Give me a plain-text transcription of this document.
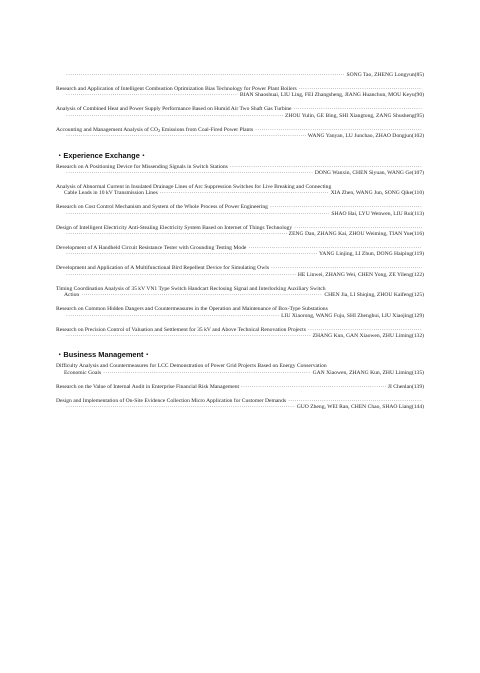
·····
SONG Tao, ZHENG Longyun(85)
Research and Application of Intelligent Combustion Optimization Bias Technology for Power Plant Boilers
·····
·····
BIAN Shaoshuai, LIU Ling, FEI Zhangsheng, JIANG Huanchun, MOU Keyu(90)
Analysis of Combined Heat and Power Supply Performance Based on Humid Air Two Shaft Gas Turbine
·····
·····
ZHOU Yulin, GE Bing, SHI Xiangtong, ZANG Shusheng(95)
Accounting and Management Analysis of $CO_2$ Emissions from Coal-Fired Power Plants
·····
·····
WANG Yanyan, LU Junchao, ZHAO Dongjun(102)
・Experience Exchange・
Research on A Positioning Device for Missending Signals in Switch Stations
·····
·····
DONG Wanxin, CHEN Siyuan, WANG Ge(107)
Analysis of Abnormal Current in Insulated Drainage Lines of Arc Suppression Switches for Live Breaking and Connecting
Cable Leads in 10 kV Transmission Lines ·····	XIA Zhen, WANG Jun, SONG Qike(110)
Research on Cost Control Mechanism and System of the Whole Process of Power Engineering
·····
·····
SHAO Hai, LYU Wenwen, LIU Rui(113)
Design of Intelligent Electricity Anti-Stealing Electricity System Based on Internet of Things Technology
·····
·····
ZENG Dan, ZHANG Kai, ZHOU Weiming, TIAN Yue(116)
Development of A Handheld Circuit Resistance Tester with Grounding Testing Mode
·····
·····
YANG Linjing, LI Zhun, DONG Haiping(119)
Development and Application of A Multifunctional Bird Repellent Device for Simulating Owls
·····
·····
HE Linwei, ZHANG Wei, CHEN Yong, ZE Yileng(122)
Timing Coordination Analysis of 35 kV VN1 Type Switch Handcart Reclosing Signal and Interlocking Auxiliary Switch
Action ·····	CHEN Jia, LI Shiqing, ZHOU Kaifeng(125)
Research on Common Hidden Dangers and Countermeasures in the Operation and Maintenance of Box-Type Substations
·····
LIU Xiaorong, WANG Fuju, SHI Zhenghui, LIU Xiaojing(129)
Research on Precision Control of Valuation and Settlement for 35 kV and Above Technical Renovation Projects
·····
·····
ZHANG Kun, GAN Xiaowen, ZHU Liming(132)
・Business Management・
Difficulty Analysis and Countermeasures for LCC Demonstration of Power Grid Projects Based on Energy Conservation
Economic Goals ·····	GAN Xiaowen, ZHANG Kun, ZHU Liming(135)
Research on the Value of Internal Audit in Enterprise Financial Risk Management ·····	JI Chenlan(139)
Design and Implementation of On-Site Evidence Collection Micro Application for Customer Demands
·····
·····
GUO Zheng, WEI Ran, CHEN Chao, SHAO Liang(144)
